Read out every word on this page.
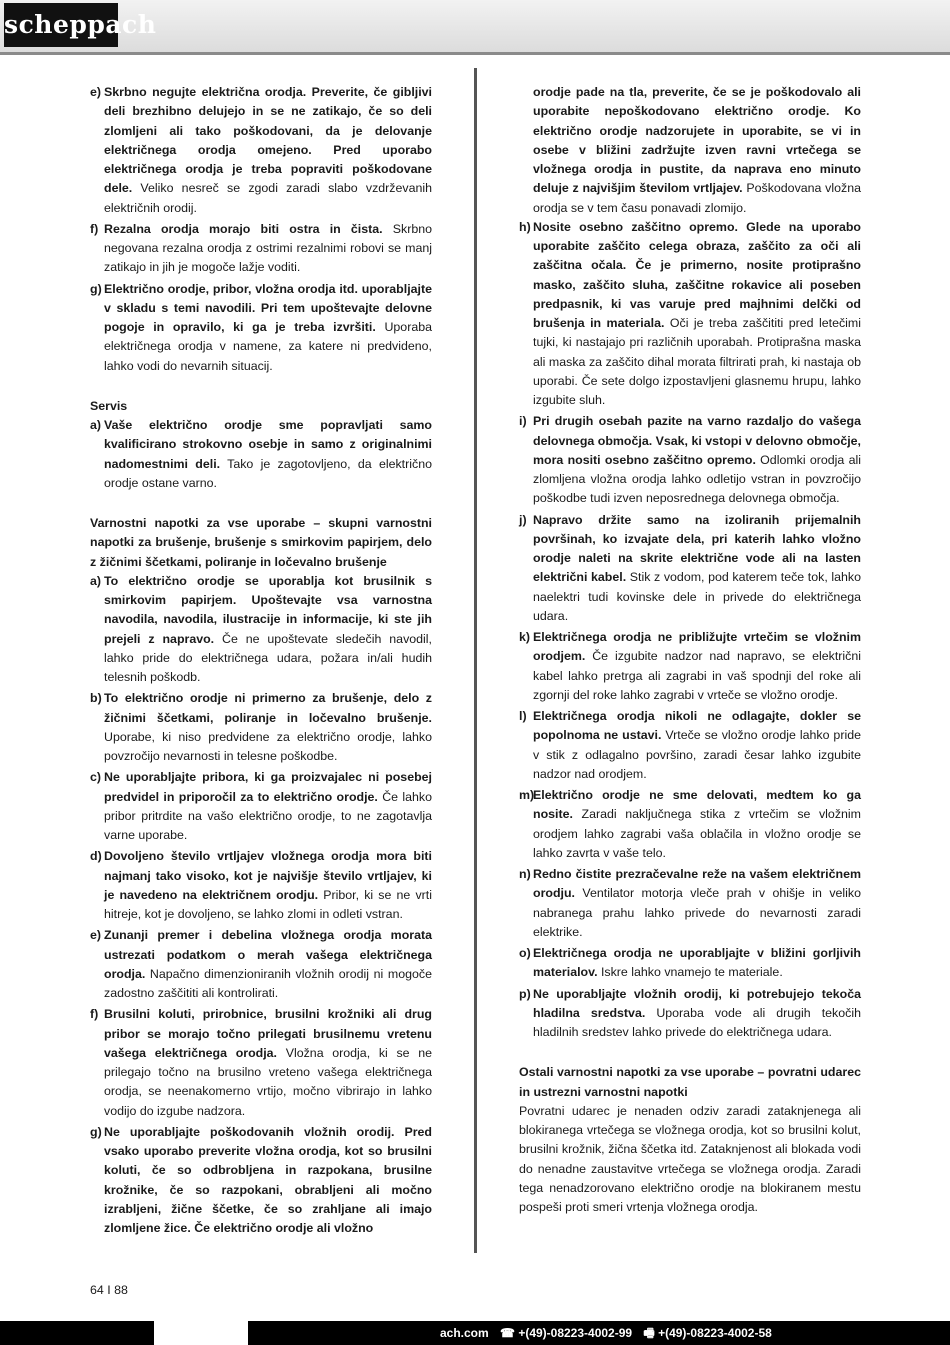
scheppach
e) Skrbno negujte električna orodja. Preverite, če gibljivi deli brezhibno delujejo in se ne zatikajo, če so deli zlomljeni ali tako poškodovani, da je delovanje električnega orodja omejeno. Pred uporabo električnega orodja je treba popraviti poškodovane dele. Veliko nesreč se zgodi zaradi slabo vzdrževanih električnih orodij.
f) Rezalna orodja morajo biti ostra in čista. Skrbno negovana rezalna orodja z ostrimi rezalnimi robovi se manj zatikajo in jih je mogoče lažje voditi.
g) Električno orodje, pribor, vložna orodja itd. uporabljajte v skladu s temi navodili. Pri tem upoštevajte delovne pogoje in opravilo, ki ga je treba izvršiti. Uporaba električnega orodja v namene, za katere ni predvideno, lahko vodi do nevarnih situacij.

Servis

a) Vaše električno orodje sme popravljati samo kvalificirano strokovno osebje in samo z originalnimi nadomestnimi deli. Tako je zagotovljeno, da električno orodje ostane varno.

Varnostni napotki za vse uporabe – skupni varnostni napotki za brušenje, brušenje s smirkovim papirjem, delo z žičnimi ščetkami, poliranje in ločevalno brušenje

a) To električno orodje se uporablja kot brusilnik s smirkovim papirjem. Upoštevajte vsa varnostna navodila, navodila, ilustracije in informacije, ki ste jih prejeli z napravo. Če ne upoštevate sledečih navodil, lahko pride do električnega udara, požara in/ali hudih telesnih poškodb.
b) To električno orodje ni primerno za brušenje, delo z žičnimi ščetkami, poliranje in ločevalno brušenje. Uporabe, ki niso predvidene za električno orodje, lahko povzročijo nevarnosti in telesne poškodbe.
c) Ne uporabljajte pribora, ki ga proizvajalec ni posebej predvidel in priporočil za to električno orodje. Če lahko pribor pritrdite na vašo električno orodje, to ne zagotavlja varne uporabe.
d) Dovoljeno število vrtljajev vložnega orodja mora biti najmanj tako visoko, kot je najvišje število vrtljajev, ki je navedeno na električnem orodju. Pribor, ki se ne vrti hitreje, kot je dovoljeno, se lahko zlomi in odleti vstran.
e) Zunanji premer i debelina vložnega orodja morata ustrezati podatkom o merah vašega električnega orodja. Napačno dimenzioniranih vložnih orodij ni mogoče zadostno zaščititi ali kontrolirati.
f) Brusilni koluti, prirobnice, brusilni krožniki ali drug pribor se morajo točno prilegati brusilnemu vretenu vašega električnega orodja. Vložna orodja, ki se ne prilegajo točno na brusilno vreteno vašega električnega orodja, se neenakomerno vrtijo, močno vibrirajo in lahko vodijo do izgube nadzora.
g) Ne uporabljajte poškodovanih vložnih orodij. Pred vsako uporabo preverite vložna orodja, kot so brusilni koluti, če so odbrobljena in razpokana, brusilne krožnike, če so razpokani, obrabljeni ali močno izrabljeni, žične ščetke, če so zrahljane ali imajo zlomljene žice. Če električno orodje ali vložno
orodje pade na tla, preverite, če se je poškodovalo ali uporabite nepoškodovano električno orodje. Ko električno orodje nadzorujete in uporabite, se vi in osebe v bližini zadržujte izven ravni vrtečega se vložnega orodja in pustite, da naprava eno minuto deluje z najvišjim številom vrtljajev. Poškodovana vložna orodja se v tem času ponavadi zlomijo.
h) Nosite osebno zaščitno opremo. Glede na uporabo uporabite zaščito celega obraza, zaščito za oči ali zaščitna očala. Če je primerno, nosite protiprašno masko, zaščito sluha, zaščitne rokavice ali poseben predpasnik, ki vas varuje pred majhnimi delčki od brušenja in materiala. Oči je treba zaščititi pred letečimi tujki, ki nastajajo pri različnih uporabah. Protiprašna maska ali maska za zaščito dihal morata filtrirati prah, ki nastaja ob uporabi. Če sete dolgo izpostavljeni glasnemu hrupu, lahko izgubite sluh.
i) Pri drugih osebah pazite na varno razdaljo do vašega delovnega območja. Vsak, ki vstopi v delovno območje, mora nositi osebno zaščitno opremo. Odlomki orodja ali zlomljena vložna orodja lahko odletijo vstran in povzročijo poškodbe tudi izven neposrednega delovnega območja.
j) Napravo držite samo na izoliranih prijemalnih površinah, ko izvajate dela, pri katerih lahko vložno orodje naleti na skrite električne vode ali na lasten električni kabel. Stik z vodom, pod katerem teče tok, lahko naelektri tudi kovinske dele in privede do električnega udara.
k) Električnega orodja ne približujte vrtečim se vložnim orodjem. Če izgubite nadzor nad napravo, se električni kabel lahko pretrga ali zagrabi in vaš spodnji del roke ali zgornji del roke lahko zagrabi v vrteče se vložno orodje.
l) Električnega orodja nikoli ne odlagajte, dokler se popolnoma ne ustavi. Vrteče se vložno orodje lahko pride v stik z odlagalno površino, zaradi česar lahko izgubite nadzor nad orodjem.
m)
Električno orodje ne sme delovati, medtem ko ga nosite. Zaradi naključnega stika z vrtečim se vložnim orodjem lahko zagrabi vaša oblačila in vložno orodje se lahko zavrta v vaše telo.
n) Redno čistite prezračevalne reže na vašem električnem orodju. Ventilator motorja vleče prah v ohišje in veliko nabranega prahu lahko privede do nevarnosti zaradi elektrike.
o) Električnega orodja ne uporabljajte v bližini gorljivih materialov. Iskre lahko vnamejo te materiale.
p) Ne uporabljajte vložnih orodij, ki potrebujejo tekoča hladilna sredstva. Uporaba vode ali drugih tekočih hladilnih sredstev lahko privede do električnega udara.

Ostali varnostni napotki za vse uporabe – povratni udarec in ustrezni varnostni napotki

Povratni udarec je nenaden odziv zaradi zataknjenega ali blokiranega vrtečega se vložnega orodja, kot so brusilni kolut, brusilni krožnik, žična ščetka itd. Zataknjenost ali blokada vodi do nenadne zaustavitve vrtečega se vložnega orodja. Zaradi tega nenadzorovano električno orodje na blokiranem mestu pospeši proti smeri vrtenja vložnega orodja.

64 I 88
ach.com ☎ +(49)-08223-4002-99 🖷 +(49)-08223-4002-58
